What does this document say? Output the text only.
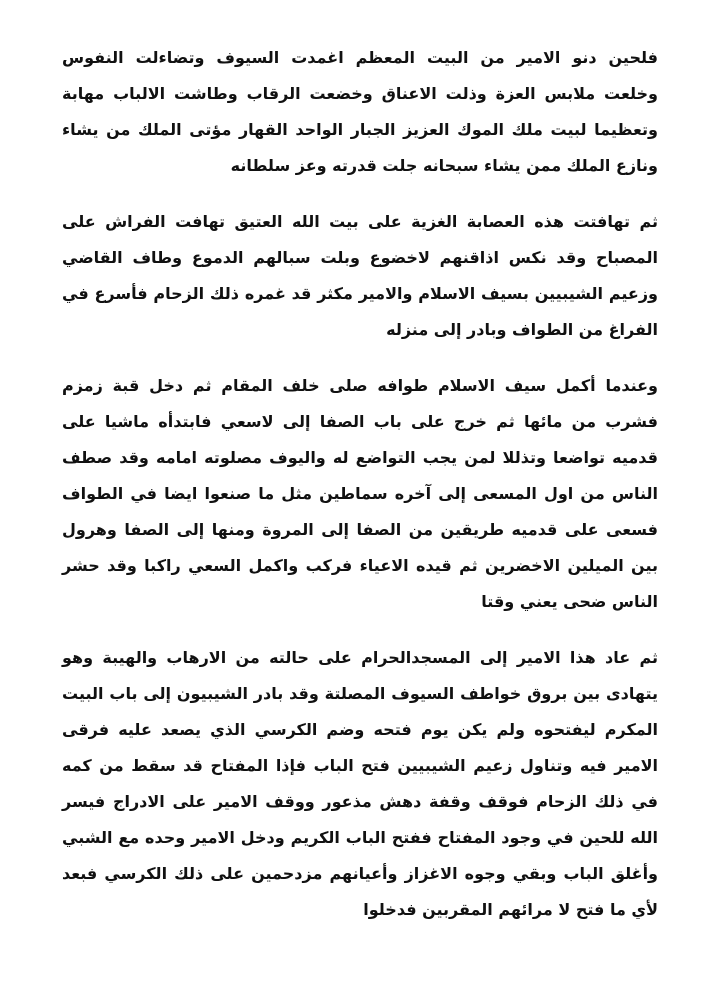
فلحين دنو الامير من البيت المعظم اغمدت السيوف وتضاءلت النفوس وخلعت ملابس العزة وذلت الاعناق وخضعت الرقاب وطاشت الالباب مهابة وتعظيما لبيت ملك الموك العزيز الجبار الواحد القهار مؤتى الملك من يشاء ونازع الملك ممن يشاء سبحانه جلت قدرته وعز سلطانه

ثم تهافتت هذه العصابة الغزية على بيت الله العتيق تهافت الفراش على المصباح وقد نكس اذاقنهم لاخضوع وبلت سبالهم الدموع وطاف القاضي وزعيم الشيبيين بسيف الاسلام والامير مكثر قد غمره ذلك الزحام فأسرع في الفراغ من الطواف وبادر إلى منزله

وعندما أكمل سيف الاسلام طوافه صلى خلف المقام ثم دخل قبة زمزم فشرب من مائها ثم خرج على باب الصفا إلى لاسعي فابتدأه ماشيا على قدميه تواضعا وتذللا لمن يجب التواضع له واليوف مصلوته امامه وقد صطف الناس من اول المسعى إلى آخره سماطين مثل ما صنعوا ايضا في الطواف فسعى على قدميه طريقين من الصفا إلى المروة ومنها إلى الصفا وهرول بين الميلين الاخضرين ثم قيده الاعياء فركب واكمل السعي راكبا وقد حشر الناس ضحى يعني وقتا

ثم عاد هذا الامير إلى المسجدالحرام على حالته من الارهاب والهيبة وهو يتهادى بين بروق خواطف السيوف المصلتة وقد بادر الشيبيون إلى باب البيت المكرم ليفتحوه ولم يكن يوم فتحه وضم الكرسي الذي يصعد عليه فرقى الامير فيه وتناول زعيم الشيبيين فتح الباب فإذا المفتاح قد سقط من كمه في ذلك الزحام فوقف وقفة دهش مذعور ووقف الامير على الادراج فيسر الله للحين في وجود المفتاح ففتح الباب الكريم ودخل الامير وحده مع الشبي وأغلق الباب وبقي وجوه الاغزاز وأعيانهم مزدحمين على ذلك الكرسي فبعد لأي ما فتح لا مرائهم المقربين فدخلوا
